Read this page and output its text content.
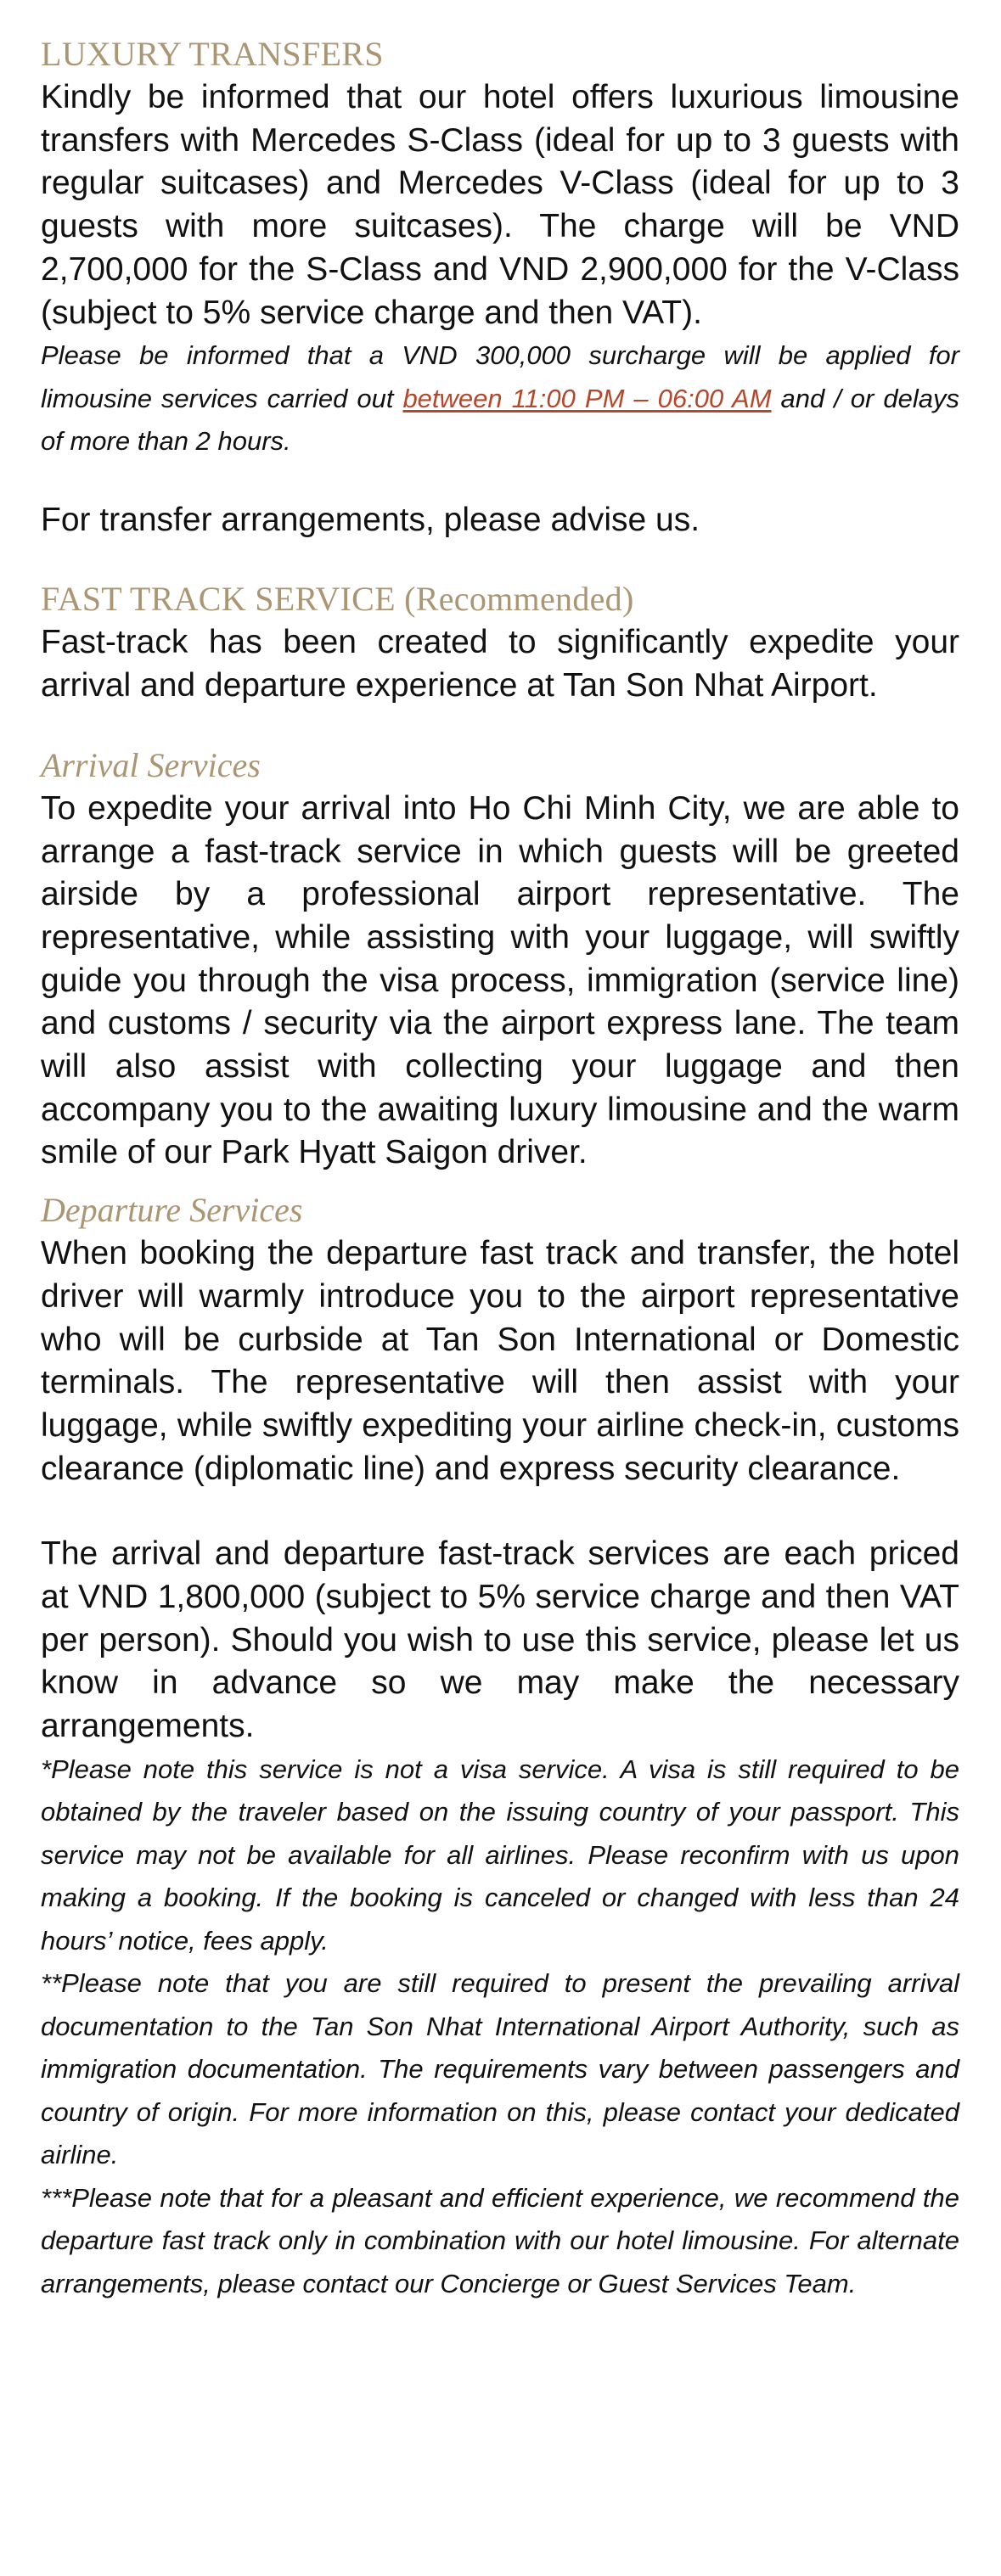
LUXURY TRANSFERS

Kindly be informed that our hotel offers luxurious limousine transfers with Mercedes S-Class (ideal for up to 3 guests with regular suitcases) and Mercedes V-Class (ideal for up to 3 guests with more suitcases). The charge will be VND 2,700,000 for the S-Class and VND 2,900,000 for the V-Class (subject to 5% service charge and then VAT).

Please be informed that a VND 300,000 surcharge will be applied for limousine services carried out between 11:00 PM – 06:00 AM and / or delays of more than 2 hours.

For transfer arrangements, please advise us.

FAST TRACK SERVICE (Recommended)

Fast-track has been created to significantly expedite your arrival and departure experience at Tan Son Nhat Airport.

Arrival Services

To expedite your arrival into Ho Chi Minh City, we are able to arrange a fast-track service in which guests will be greeted airside by a professional airport representative. The representative, while assisting with your luggage, will swiftly guide you through the visa process, immigration (service line) and customs / security via the airport express lane. The team will also assist with collecting your luggage and then accompany you to the awaiting luxury limousine and the warm smile of our Park Hyatt Saigon driver.

Departure Services

When booking the departure fast track and transfer, the hotel driver will warmly introduce you to the airport representative who will be curbside at Tan Son International or Domestic terminals. The representative will then assist with your luggage, while swiftly expediting your airline check-in, customs clearance (diplomatic line) and express security clearance.

The arrival and departure fast-track services are each priced at VND 1,800,000 (subject to 5% service charge and then VAT per person). Should you wish to use this service, please let us know in advance so we may make the necessary arrangements.

*Please note this service is not a visa service. A visa is still required to be obtained by the traveler based on the issuing country of your passport. This service may not be available for all airlines. Please reconfirm with us upon making a booking. If the booking is canceled or changed with less than 24 hours’ notice, fees apply.

**Please note that you are still required to present the prevailing arrival documentation to the Tan Son Nhat International Airport Authority, such as immigration documentation. The requirements vary between passengers and country of origin. For more information on this, please contact your dedicated airline.

***Please note that for a pleasant and efficient experience, we recommend the departure fast track only in combination with our hotel limousine. For alternate arrangements, please contact our Concierge or Guest Services Team.
